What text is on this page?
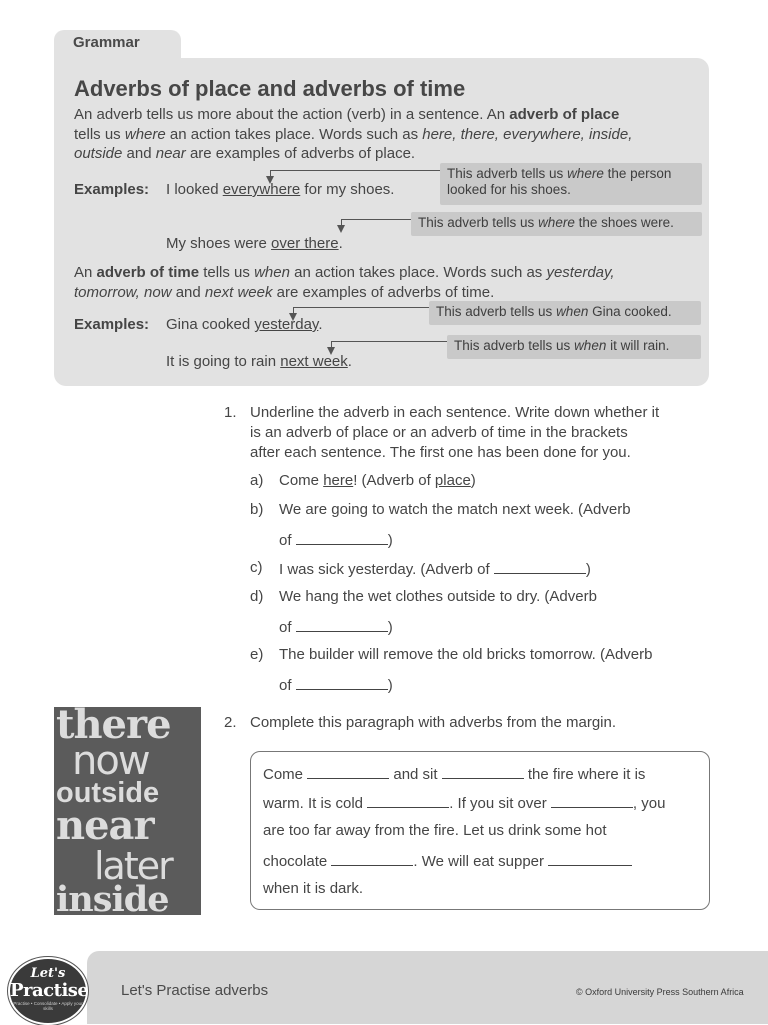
Grammar
Adverbs of place and adverbs of time

An adverb tells us more about the action (verb) in a sentence. An adverb of place
tells us where an action takes place. Words such as here, there, everywhere, inside,
outside and near are examples of adverbs of place.

Examples: I looked everywhere for my shoes.
My shoes were over there.
This adverb tells us where the person
looked for his shoes.
This adverb tells us where the shoes were.

An adverb of time tells us when an action takes place. Words such as yesterday,
tomorrow, now and next week are examples of adverbs of time.

Examples: Gina cooked yesterday.
It is going to rain next week.
This adverb tells us when Gina cooked.
This adverb tells us when it will rain.
1. Underline the adverb in each sentence. Write down whether it
is an adverb of place or an adverb of time in the brackets
after each sentence. The first one has been done for you.
a) Come here! (Adverb of place)
b) We are going to watch the match next week. (Adverb
of	)
c) I was sick yesterday. (Adverb of	)
d) We hang the wet clothes outside to dry. (Adverb
of	)
e) The builder will remove the old bricks tomorrow. (Adverb
of	)
there
now
outside
near
later
inside
2. Complete this paragraph with adverbs from the margin.
Come	and sit	the fire where it is
warm. It is cold	. If you sit over	, you
are too far away from the fire. Let us drink some hot
chocolate	. We will eat supper
when it is dark.
Let's Practise adverbs	© Oxford University Press Southern Africa
Let's
Practise
Practise • Consolidate • Apply your skills
